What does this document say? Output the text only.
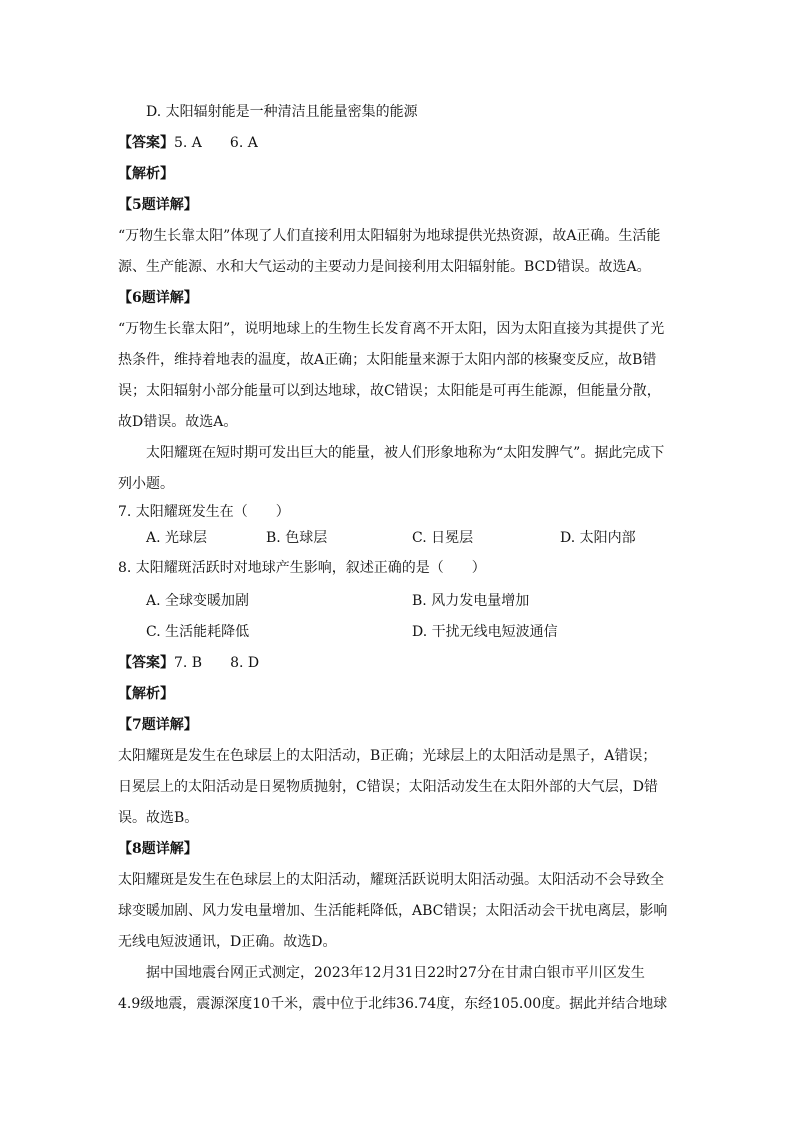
D. 太阳辐射能是一种清洁且能量密集的能源
【答案】5. A　　6. A
【解析】
【5题详解】
“万物生长靠太阳”体现了人们直接利用太阳辐射为地球提供光热资源，故A正确。生活能
源、生产能源、水和大气运动的主要动力是间接利用太阳辐射能。BCD错误。故选A。
【6题详解】
“万物生长靠太阳”，说明地球上的生物生长发育离不开太阳，因为太阳直接为其提供了光
热条件，维持着地表的温度，故A正确；太阳能量来源于太阳内部的核聚变反应，故B错
误；太阳辐射小部分能量可以到达地球，故C错误；太阳能是可再生能源，但能量分散，
故D错误。故选A。
太阳耀斑在短时期可发出巨大的能量，被人们形象地称为“太阳发脾气”。据此完成下
列小题。
7. 太阳耀斑发生在（　　）
A. 光球层	B. 色球层	C. 日冕层	D. 太阳内部
8. 太阳耀斑活跃时对地球产生影响，叙述正确的是（　　）
A. 全球变暖加剧	B. 风力发电量增加
C. 生活能耗降低	D. 干扰无线电短波通信
【答案】7. B　　8. D
【解析】
【7题详解】
太阳耀斑是发生在色球层上的太阳活动，B正确；光球层上的太阳活动是黑子，A错误；
日冕层上的太阳活动是日冕物质抛射，C错误；太阳活动发生在太阳外部的大气层，D错
误。故选B。
【8题详解】
太阳耀斑是发生在色球层上的太阳活动，耀斑活跃说明太阳活动强。太阳活动不会导致全
球变暖加剧、风力发电量增加、生活能耗降低，ABC错误；太阳活动会干扰电离层，影响
无线电短波通讯，D正确。故选D。
据中国地震台网正式测定，2023年12月31日22时27分在甘肃白银市平川区发生
4.9级地震，震源深度10千米，震中位于北纬36.74度，东经105.00度。据此并结合地球
